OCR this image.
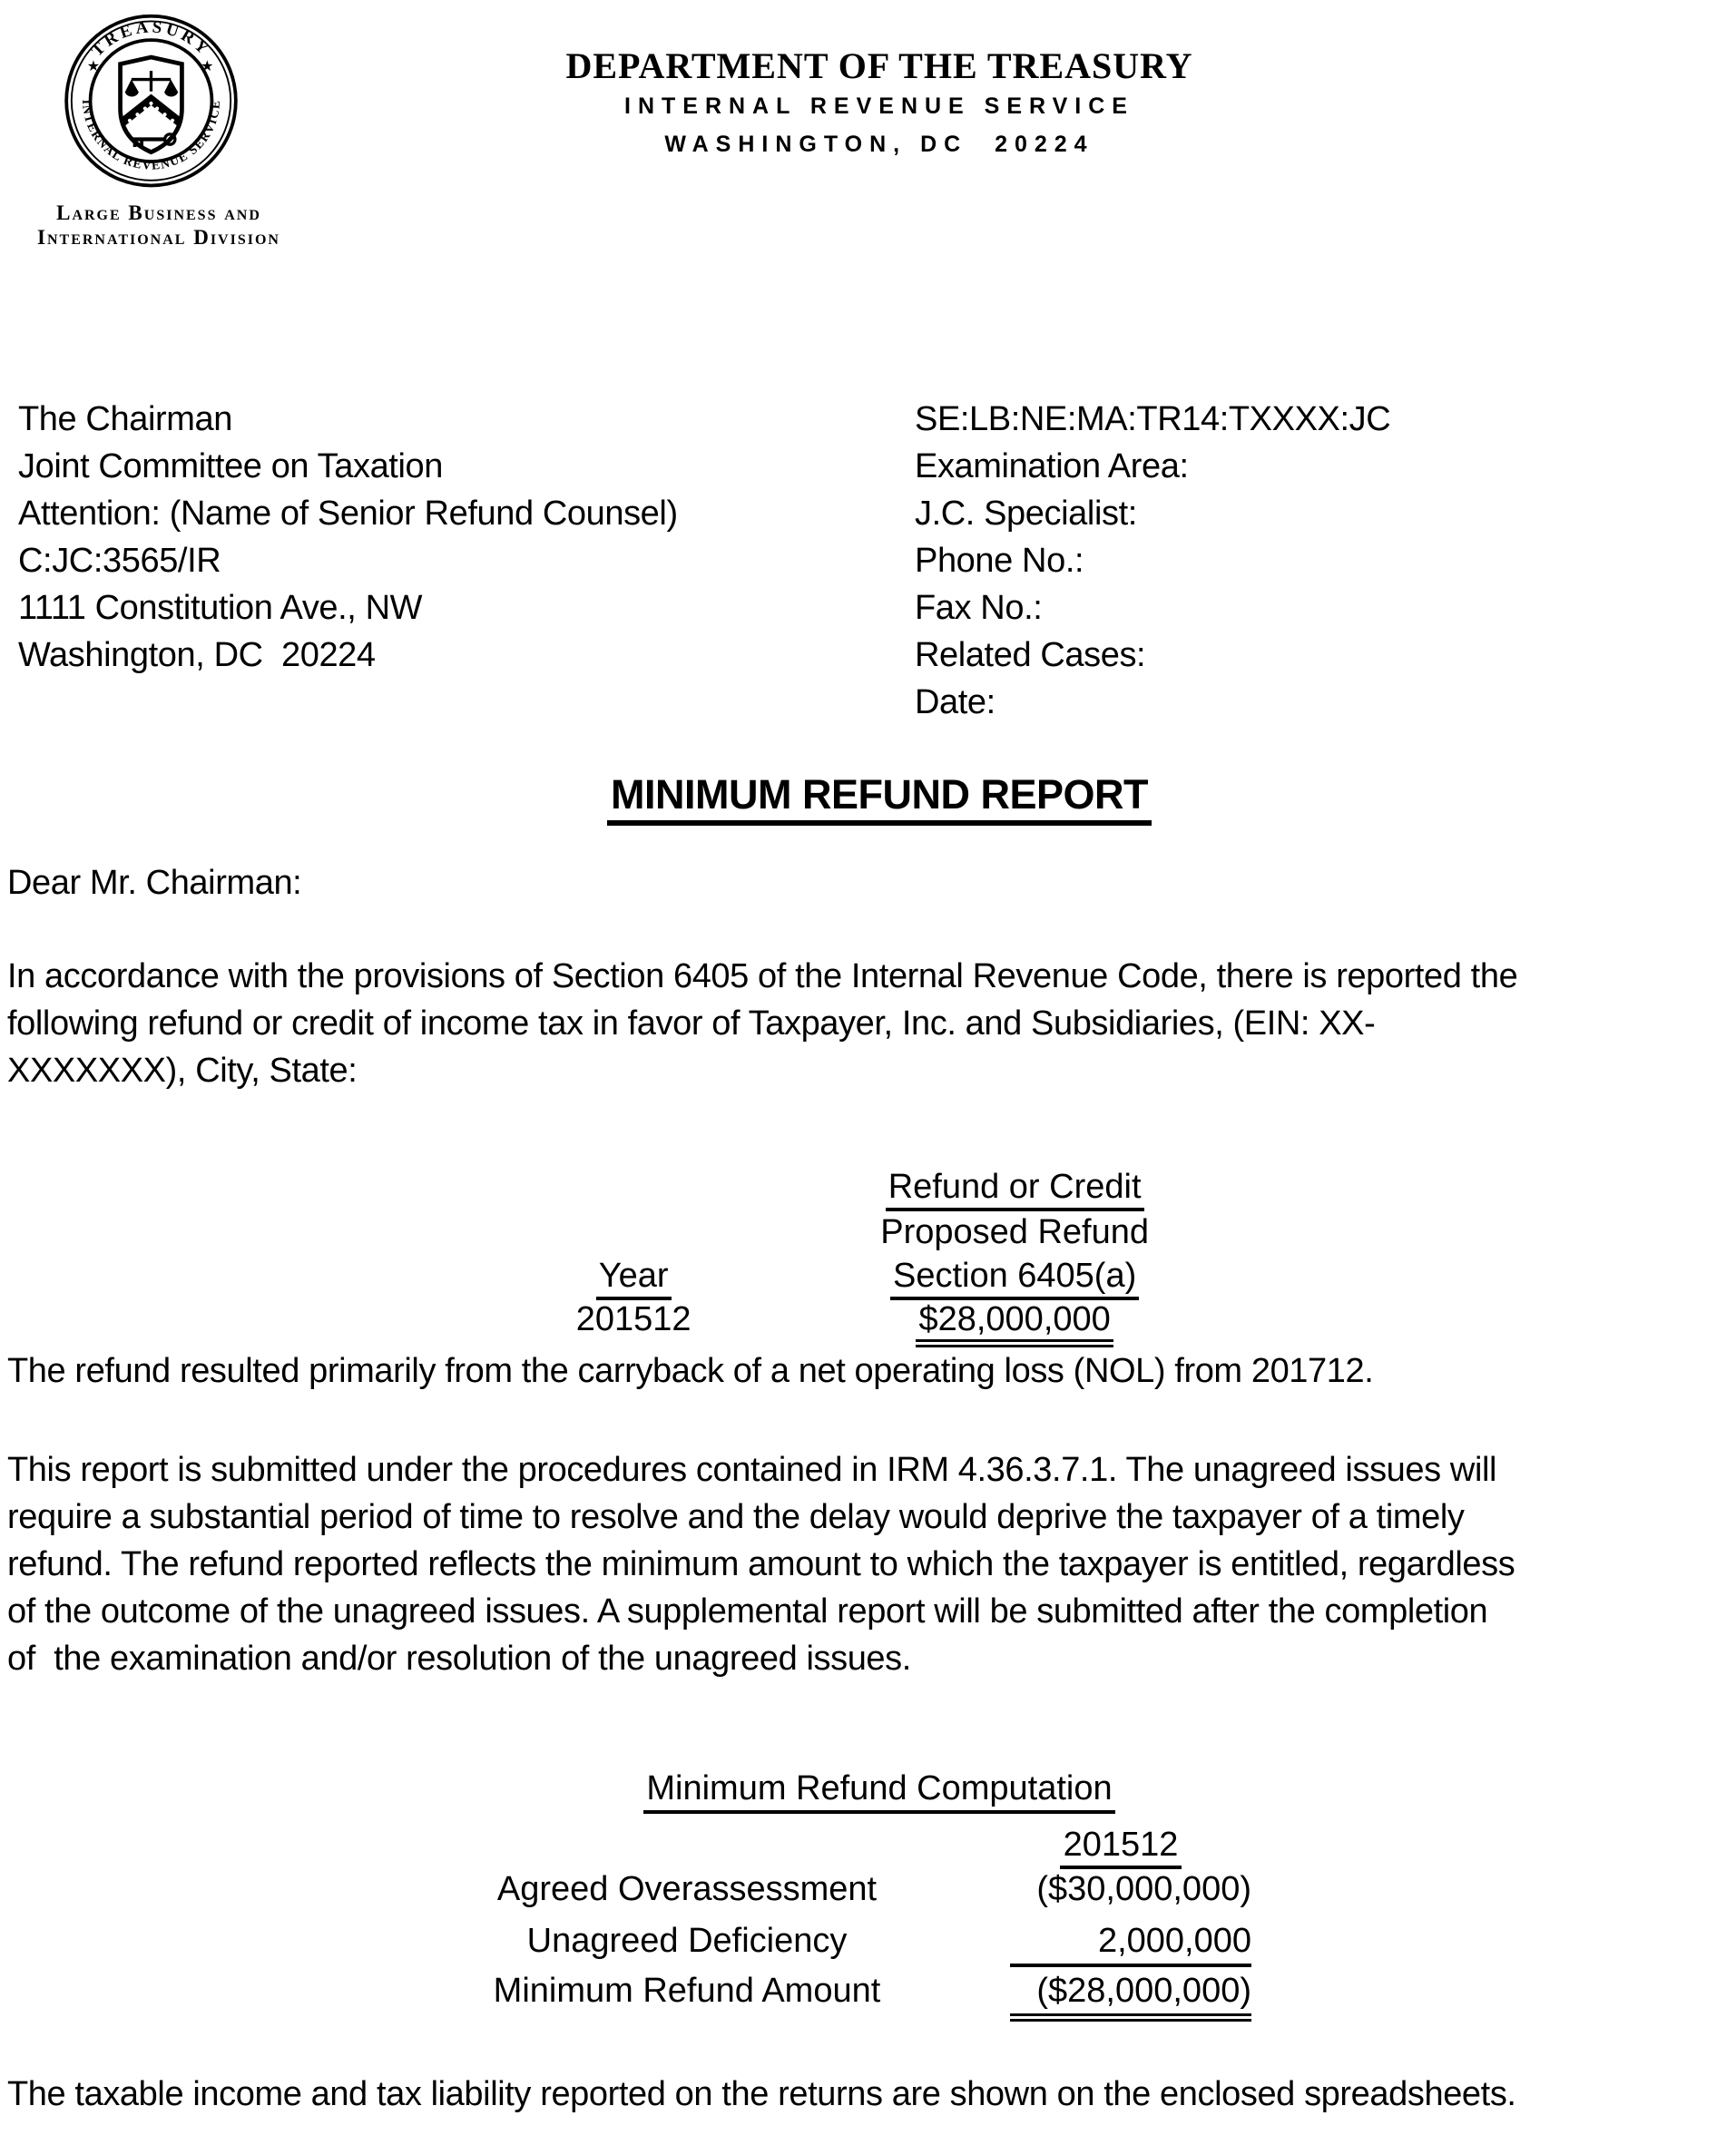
TREASURY
INTERNAL REVENUE SERVICE
★	★
Large Business and
International Division
DEPARTMENT OF THE TREASURY
INTERNAL REVENUE SERVICE
WASHINGTON, DC  20224
The Chairman
Joint Committee on Taxation
Attention: (Name of Senior Refund Counsel)
C:JC:3565/IR
1111 Constitution Ave., NW
Washington, DC  20224
SE:LB:NE:MA:TR14:TXXXX:JC
Examination Area:
J.C. Specialist:
Phone No.:
Fax No.:
Related Cases:
Date:
MINIMUM REFUND REPORT
Dear Mr. Chairman:
In accordance with the provisions of Section 6405 of the Internal Revenue Code, there is reported the
following refund or credit of income tax in favor of Taxpayer, Inc. and Subsidiaries, (EIN: XX-
XXXXXXX), City, State:

Refund or Credit

Proposed Refund

Year
	Section 6405(a)

201512
	$28,000,000

The refund resulted primarily from the carryback of a net operating loss (NOL) from 201712.
This report is submitted under the procedures contained in IRM 4.36.3.7.1. The unagreed issues will
require a substantial period of time to resolve and the delay would deprive the taxpayer of a timely
refund. The refund reported reflects the minimum amount to which the taxpayer is entitled, regardless
of the outcome of the unagreed issues. A supplemental report will be submitted after the completion
of  the examination and/or resolution of the unagreed issues.
Minimum Refund Computation
201512
Agreed Overassessment	($30,000,000)
Unagreed Deficiency	2,000,000
Minimum Refund Amount	($28,000,000)
The taxable income and tax liability reported on the returns are shown on the enclosed spreadsheets.
